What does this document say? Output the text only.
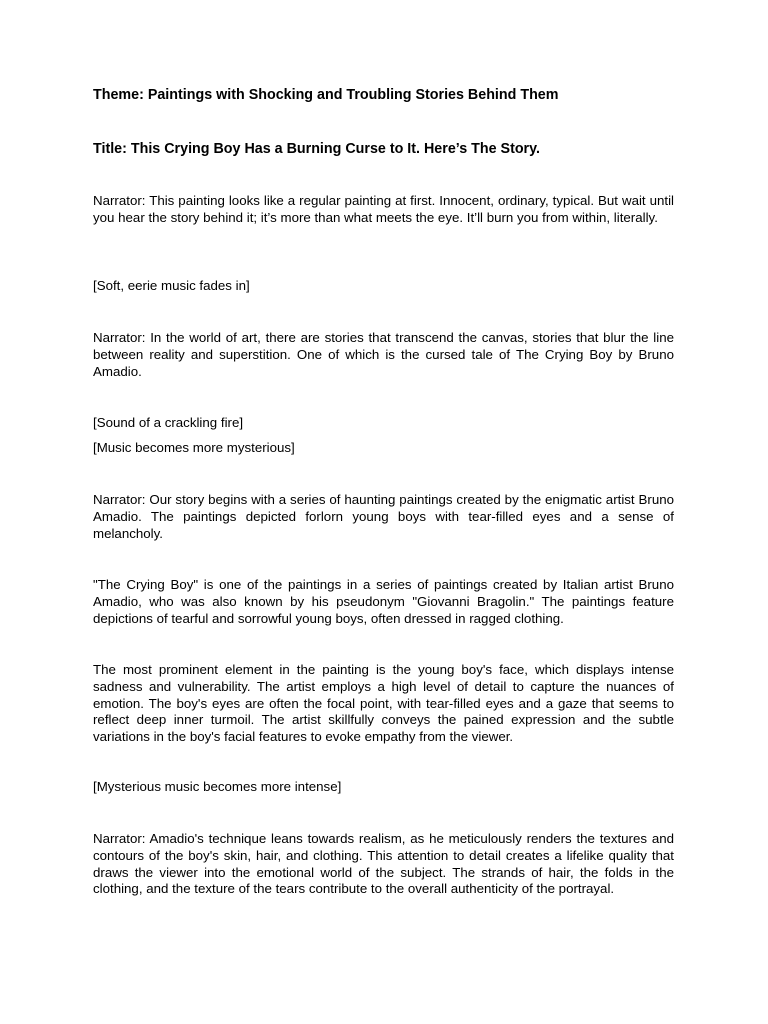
Theme: Paintings with Shocking and Troubling Stories Behind Them

Title: This Crying Boy Has a Burning Curse to It. Here’s The Story.

Narrator: This painting looks like a regular painting at first. Innocent, ordinary, typical. But wait until you hear the story behind it; it’s more than what meets the eye. It’ll burn you from within, literally.

[Soft, eerie music fades in]

Narrator: In the world of art, there are stories that transcend the canvas, stories that blur the line between reality and superstition. One of which is the cursed tale of The Crying Boy by Bruno Amadio.

[Sound of a crackling fire]

[Music becomes more mysterious]

Narrator: Our story begins with a series of haunting paintings created by the enigmatic artist Bruno Amadio. The paintings depicted forlorn young boys with tear-filled eyes and a sense of melancholy.

"The Crying Boy" is one of the paintings in a series of paintings created by Italian artist Bruno Amadio, who was also known by his pseudonym "Giovanni Bragolin." The paintings feature depictions of tearful and sorrowful young boys, often dressed in ragged clothing.

The most prominent element in the painting is the young boy's face, which displays intense sadness and vulnerability. The artist employs a high level of detail to capture the nuances of emotion. The boy's eyes are often the focal point, with tear-filled eyes and a gaze that seems to reflect deep inner turmoil. The artist skillfully conveys the pained expression and the subtle variations in the boy's facial features to evoke empathy from the viewer.

[Mysterious music becomes more intense]

Narrator: Amadio's technique leans towards realism, as he meticulously renders the textures and contours of the boy's skin, hair, and clothing. This attention to detail creates a lifelike quality that draws the viewer into the emotional world of the subject. The strands of hair, the folds in the clothing, and the texture of the tears contribute to the overall authenticity of the portrayal.
